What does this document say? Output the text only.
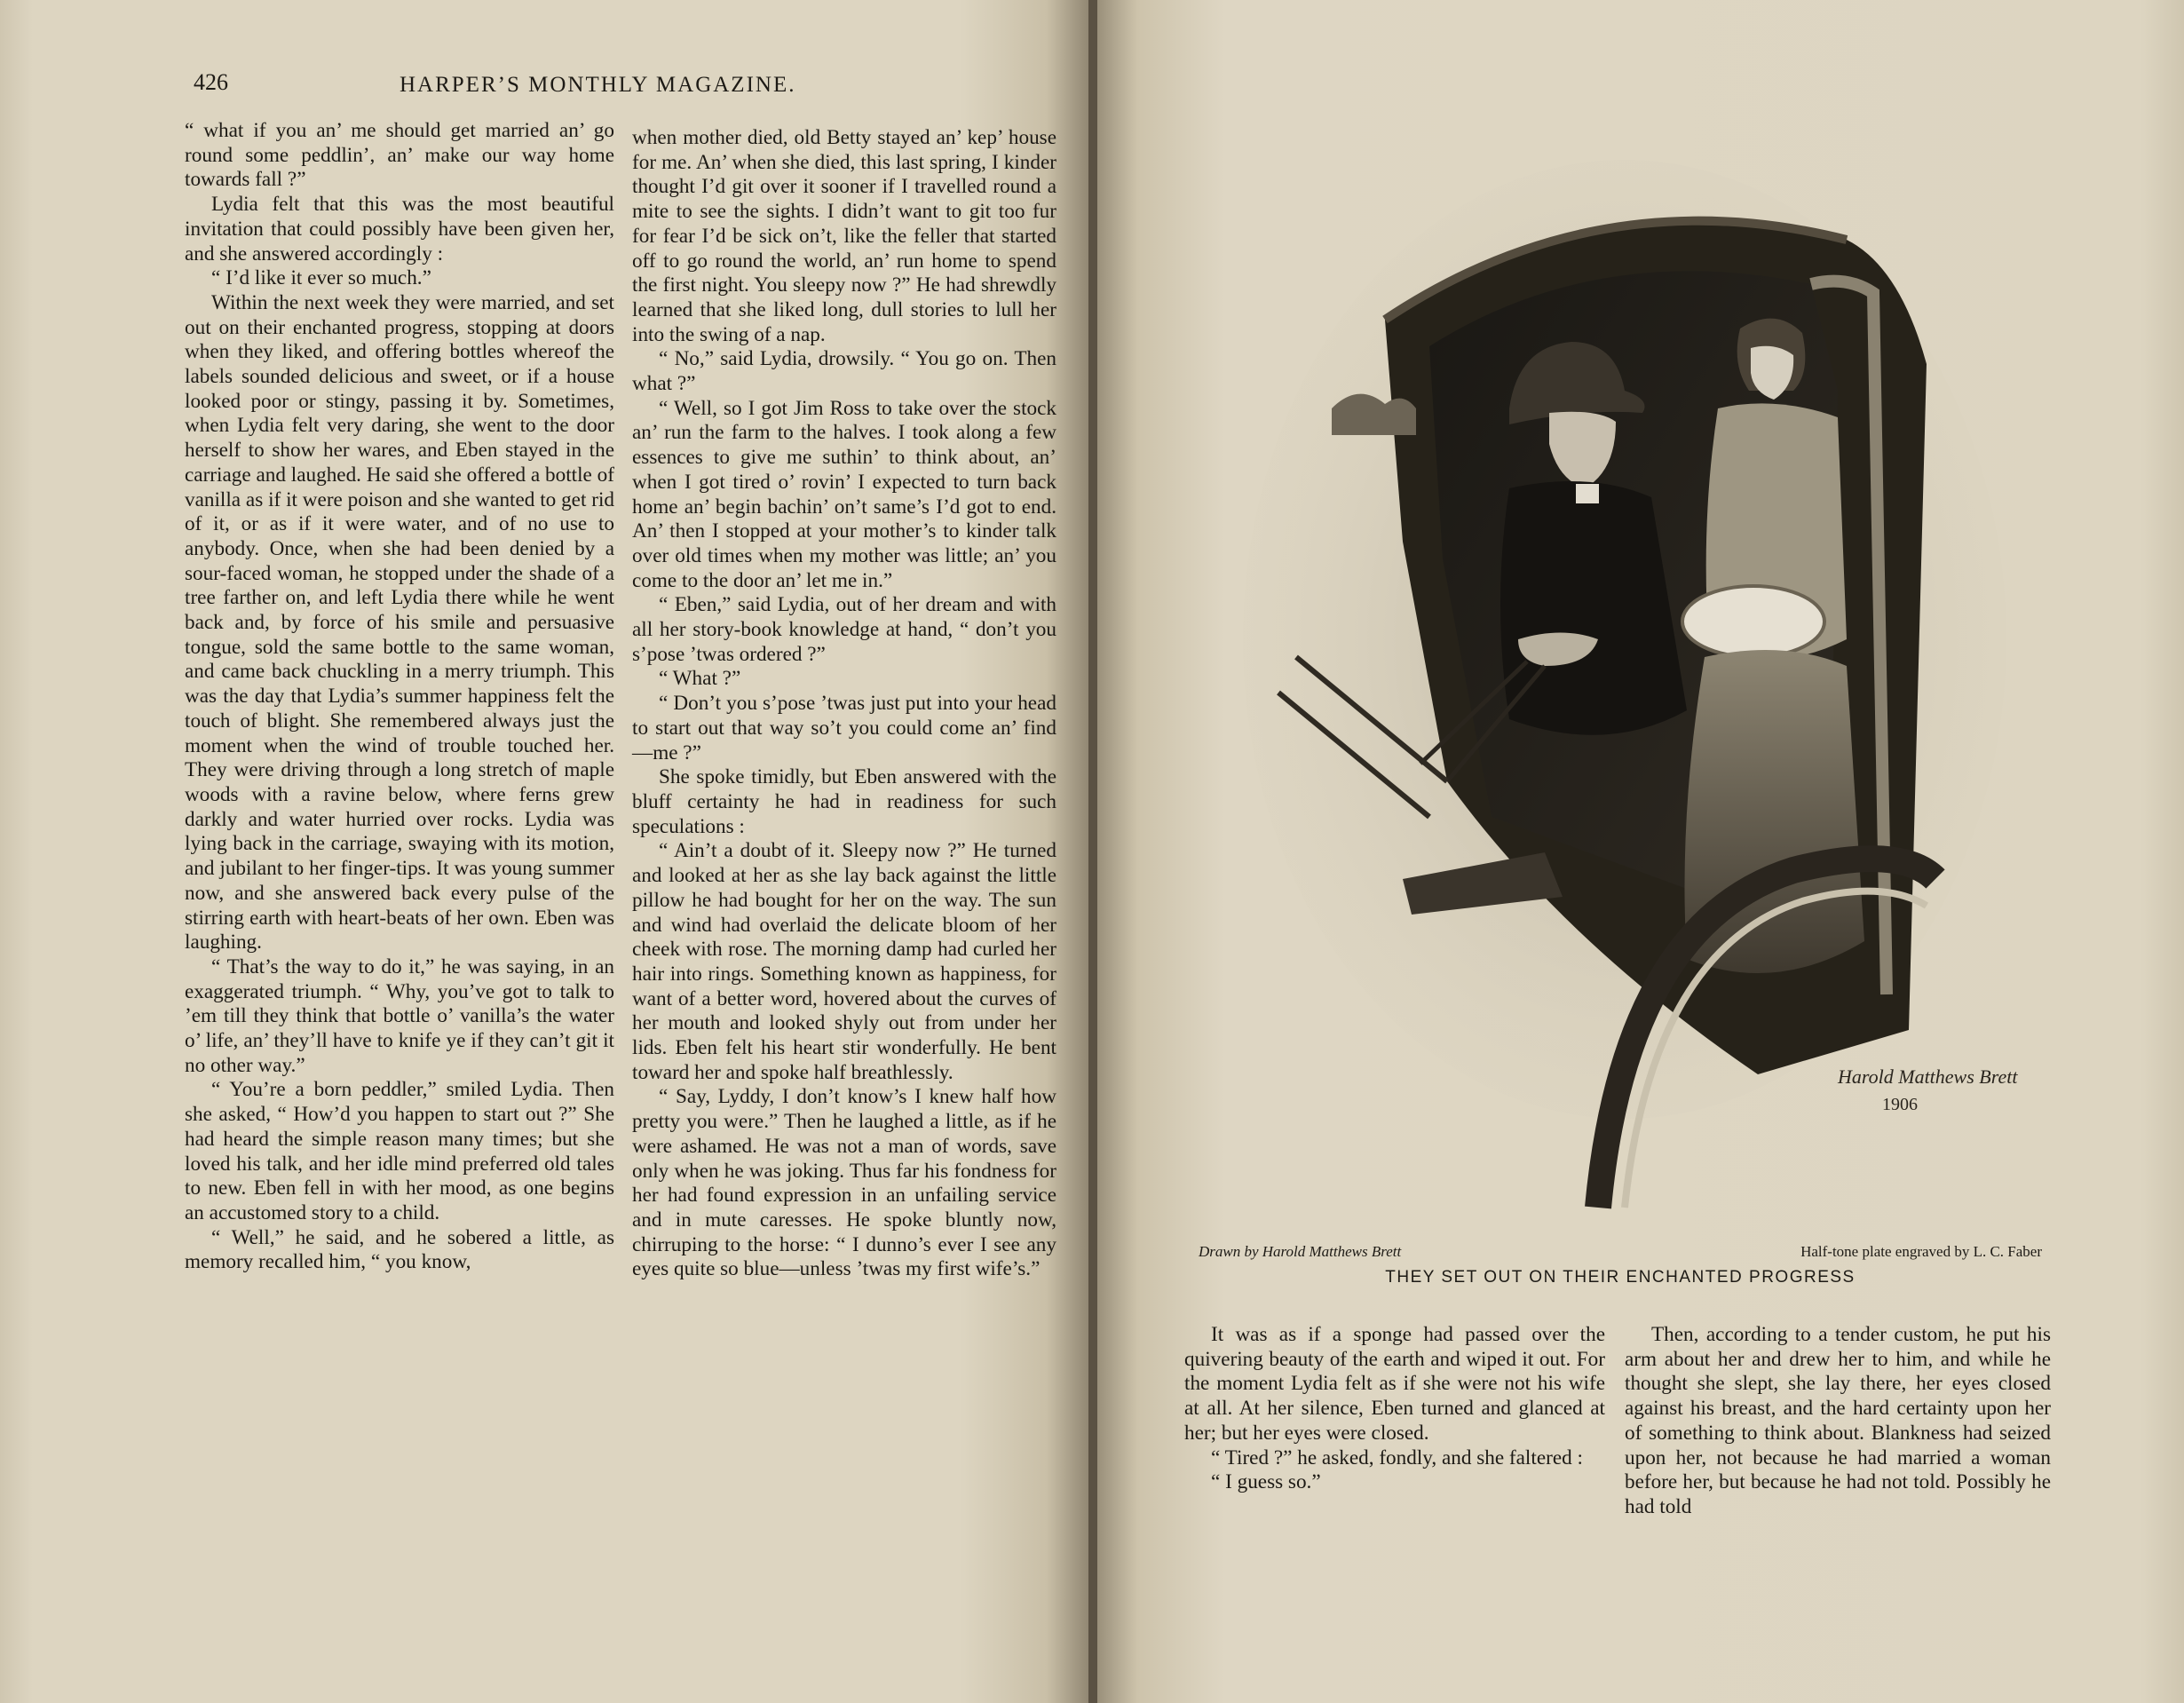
426	HARPER’S MONTHLY MAGAZINE.

“ what if you an’ me should get married an’ go round some peddlin’, an’ make our way home towards fall ?”

Lydia felt that this was the most beautiful invitation that could possibly have been given her, and she answered accordingly :

“ I’d like it ever so much.”

Within the next week they were married, and set out on their enchanted progress, stopping at doors when they liked, and offering bottles whereof the labels sounded delicious and sweet, or if a house looked poor or stingy, passing it by. Sometimes, when Lydia felt very daring, she went to the door herself to show her wares, and Eben stayed in the carriage and laughed. He said she offered a bottle of vanilla as if it were poison and she wanted to get rid of it, or as if it were water, and of no use to anybody. Once, when she had been denied by a sour-faced woman, he stopped under the shade of a tree farther on, and left Lydia there while he went back and, by force of his smile and persuasive tongue, sold the same bottle to the same woman, and came back chuckling in a merry triumph. This was the day that Lydia’s summer happiness felt the touch of blight. She remembered always just the moment when the wind of trouble touched her. They were driving through a long stretch of maple woods with a ravine below, where ferns grew darkly and water hurried over rocks. Lydia was lying back in the carriage, swaying with its motion, and jubilant to her finger-tips. It was young summer now, and she answered back every pulse of the stirring earth with heart-beats of her own. Eben was laughing.

“ That’s the way to do it,” he was saying, in an exaggerated triumph. “ Why, you’ve got to talk to ’em till they think that bottle o’ vanilla’s the water o’ life, an’ they’ll have to knife ye if they can’t git it no other way.”

“ You’re a born peddler,” smiled Lydia. Then she asked, “ How’d you happen to start out ?” She had heard the simple reason many times; but she loved his talk, and her idle mind preferred old tales to new. Eben fell in with her mood, as one begins an accustomed story to a child.

“ Well,” he said, and he sobered a little, as memory recalled him, “ you know,

when mother died, old Betty stayed an’ kep’ house for me. An’ when she died, this last spring, I kinder thought I’d git over it sooner if I travelled round a mite to see the sights. I didn’t want to git too fur for fear I’d be sick on’t, like the feller that started off to go round the world, an’ run home to spend the first night. You sleepy now ?” He had shrewdly learned that she liked long, dull stories to lull her into the swing of a nap.

“ No,” said Lydia, drowsily. “ You go on. Then what ?”

“ Well, so I got Jim Ross to take over the stock an’ run the farm to the halves. I took along a few essences to give me suthin’ to think about, an’ when I got tired o’ rovin’ I expected to turn back home an’ begin bachin’ on’t same’s I’d got to end. An’ then I stopped at your mother’s to kinder talk over old times when my mother was little; an’ you come to the door an’ let me in.”

“ Eben,” said Lydia, out of her dream and with all her story-book knowledge at hand, “ don’t you s’pose ’twas ordered ?”

“ What ?”

“ Don’t you s’pose ’twas just put into your head to start out that way so’t you could come an’ find—me ?”

She spoke timidly, but Eben answered with the bluff certainty he had in readiness for such speculations :

“ Ain’t a doubt of it. Sleepy now ?” He turned and looked at her as she lay back against the little pillow he had bought for her on the way. The sun and wind had overlaid the delicate bloom of her cheek with rose. The morning damp had curled her hair into rings. Something known as happiness, for want of a better word, hovered about the curves of her mouth and looked shyly out from under her lids. Eben felt his heart stir wonderfully. He bent toward her and spoke half breathlessly.

“ Say, Lyddy, I don’t know’s I knew half how pretty you were.” Then he laughed a little, as if he were ashamed. He was not a man of words, save only when he was joking. Thus far his fondness for her had found expression in an unfailing service and in mute caresses. He spoke bluntly now, chirruping to the horse: “ I dunno’s ever I see any eyes quite so blue—unless ’twas my first wife’s.”

Harold Matthews Brett
1906
Drawn by Harold Matthews Brett	Half-tone plate engraved by L. C. Faber
THEY SET OUT ON THEIR ENCHANTED PROGRESS

It was as if a sponge had passed over the quivering beauty of the earth and wiped it out. For the moment Lydia felt as if she were not his wife at all. At her silence, Eben turned and glanced at her; but her eyes were closed.

“ Tired ?” he asked, fondly, and she faltered :

“ I guess so.”

Then, according to a tender custom, he put his arm about her and drew her to him, and while he thought she slept, she lay there, her eyes closed against his breast, and the hard certainty upon her of something to think about. Blankness had seized upon her, not because he had married a woman before her, but because he had not told. Possibly he had told
